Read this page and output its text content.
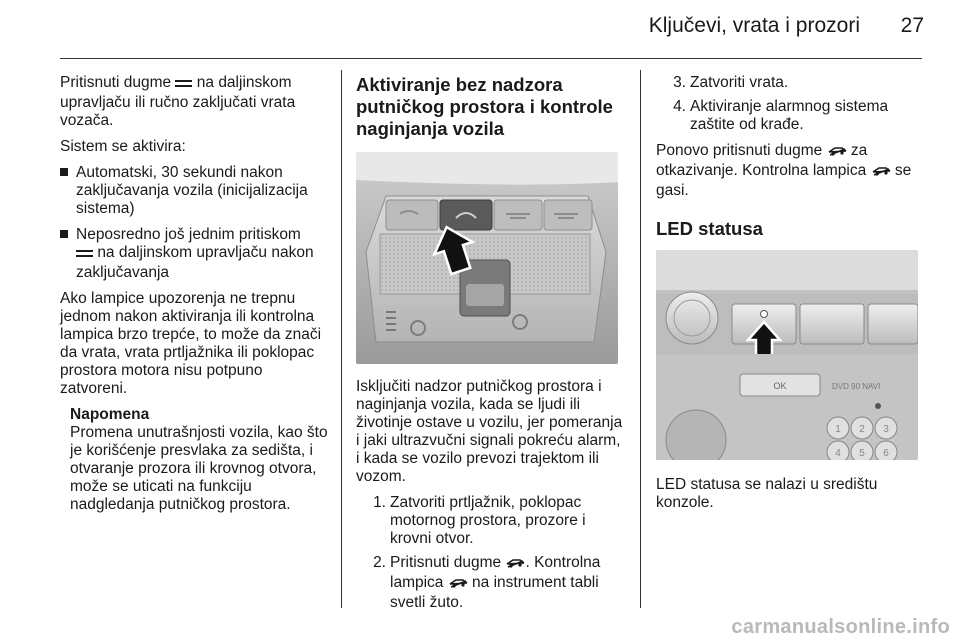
Ključevi, vrata i prozori	27

Pritisnuti dugme na daljinskom upravljaču ili ručno zaključati vrata vozača.

Sistem se aktivira:

Automatski, 30 sekundi nakon zaključavanja vozila (inicijalizacija sistema)
Neposredno još jednim pritiskom
na daljinskom upravljaču nakon zaključavanja

Ako lampice upozorenja ne trepnu jednom nakon aktiviranja ili kontrolna lampica brzo trepće, to može da znači da vrata, vrata prtljažnika ili poklopac prostora motora nisu potpuno zatvoreni.

Napomena
Promena unutrašnjosti vozila, kao što je korišćenje presvlaka za sedišta, i otvaranje prozora ili krovnog otvora, može se uticati na funkciju nadgledanja putničkog prostora.
Aktiviranje bez nadzora putničkog prostora i kontrole naginjanja vozila

Isključiti nadzor putničkog prostora i naginjanja vozila, kada se ljudi ili životinje ostave u vozilu, jer pomeranja i jaki ultrazvučni signali pokreću alarm, i kada se vozilo prevozi trajektom ili vozom.

1. Zatvoriti prtljažnik, poklopac motornog prostora, prozore i krovni otvor.
2. Pritisnuti dugme . Kontrolna lampica na instrument tabli svetli žuto.
3. Zatvoriti vrata.
4. Aktiviranje alarmnog sistema zaštite od krađe.

Ponovo pritisnuti dugme za otkazivanje. Kontrolna lampica se gasi.

LED statusa
OK	DVD 90 NAVI
1 2 3
4 5 6

LED statusa se nalazi u središtu konzole.

carmanualsonline.info
